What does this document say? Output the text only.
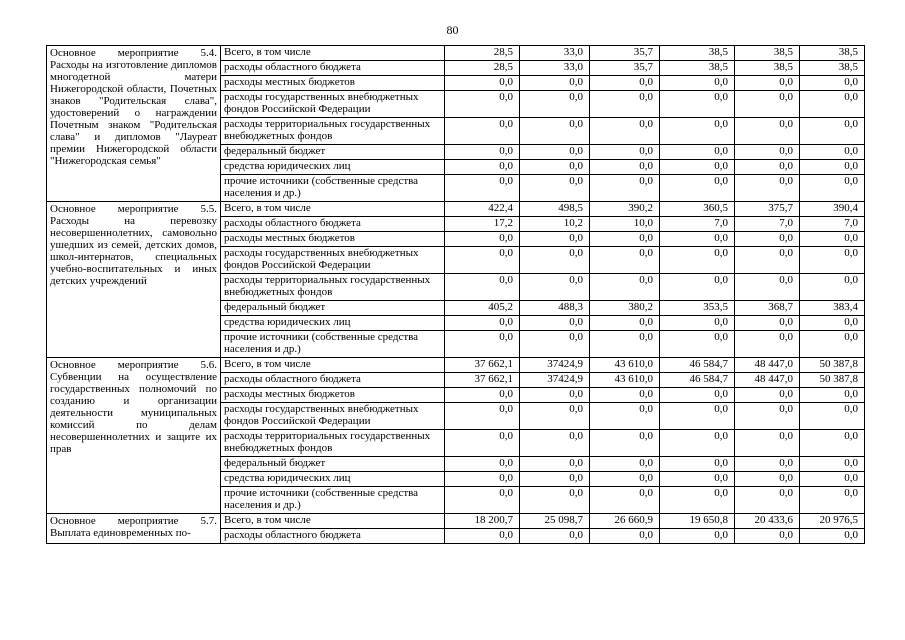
80
Основное мероприятие 5.4. Расходы на изготовление дипломов многодетной матери Нижегородской области, Почетных знаков "Родительская слава", удостоверений о награждении Почетным знаком "Родительская слава" и дипломов "Лауреат премии Нижегородской области "Нижегородская семья"	Всего, в том числе	28,5	33,0	35,7	38,5	38,5	38,5
	расходы областного бюджета	28,5	33,0	35,7	38,5	38,5	38,5
	расходы местных бюджетов	0,0	0,0	0,0	0,0	0,0	0,0
	расходы государственных внебюджетных фондов Российской Федерации	0,0	0,0	0,0	0,0	0,0	0,0
	расходы территориальных государственных внебюджетных фондов	0,0	0,0	0,0	0,0	0,0	0,0
	федеральный бюджет	0,0	0,0	0,0	0,0	0,0	0,0
	средства юридических лиц	0,0	0,0	0,0	0,0	0,0	0,0
	прочие источники (собственные средства населения и др.)	0,0	0,0	0,0	0,0	0,0	0,0
Основное мероприятие 5.5. Расходы на перевозку несовершеннолетних, самовольно ушедших из семей, детских домов, школ-интернатов, специальных учебно-воспитательных и иных детских учреждений	Всего, в том числе	422,4	498,5	390,2	360,5	375,7	390,4
	расходы областного бюджета	17,2	10,2	10,0	7,0	7,0	7,0
	расходы местных бюджетов	0,0	0,0	0,0	0,0	0,0	0,0
	расходы государственных внебюджетных фондов Российской Федерации	0,0	0,0	0,0	0,0	0,0	0,0
	расходы территориальных государственных внебюджетных фондов	0,0	0,0	0,0	0,0	0,0	0,0
	федеральный бюджет	405,2	488,3	380,2	353,5	368,7	383,4
	средства юридических лиц	0,0	0,0	0,0	0,0	0,0	0,0
	прочие источники (собственные средства населения и др.)	0,0	0,0	0,0	0,0	0,0	0,0
Основное мероприятие 5.6. Субвенции на осуществление государственных полномочий по созданию и организации деятельности муниципальных комиссий по делам несовершеннолетних и защите их прав	Всего, в том числе	37 662,1	37424,9	43 610,0	46 584,7	48 447,0	50 387,8
	расходы областного бюджета	37 662,1	37424,9	43 610,0	46 584,7	48 447,0	50 387,8
	расходы местных бюджетов	0,0	0,0	0,0	0,0	0,0	0,0
	расходы государственных внебюджетных фондов Российской Федерации	0,0	0,0	0,0	0,0	0,0	0,0
	расходы территориальных государственных внебюджетных фондов	0,0	0,0	0,0	0,0	0,0	0,0
	федеральный бюджет	0,0	0,0	0,0	0,0	0,0	0,0
	средства юридических лиц	0,0	0,0	0,0	0,0	0,0	0,0
	прочие источники (собственные средства населения и др.)	0,0	0,0	0,0	0,0	0,0	0,0
Основное мероприятие 5.7. Выплата единовременных по-	Всего, в том числе	18 200,7	25 098,7	26 660,9	19 650,8	20 433,6	20 976,5
	расходы областного бюджета	0,0	0,0	0,0	0,0	0,0	0,0
